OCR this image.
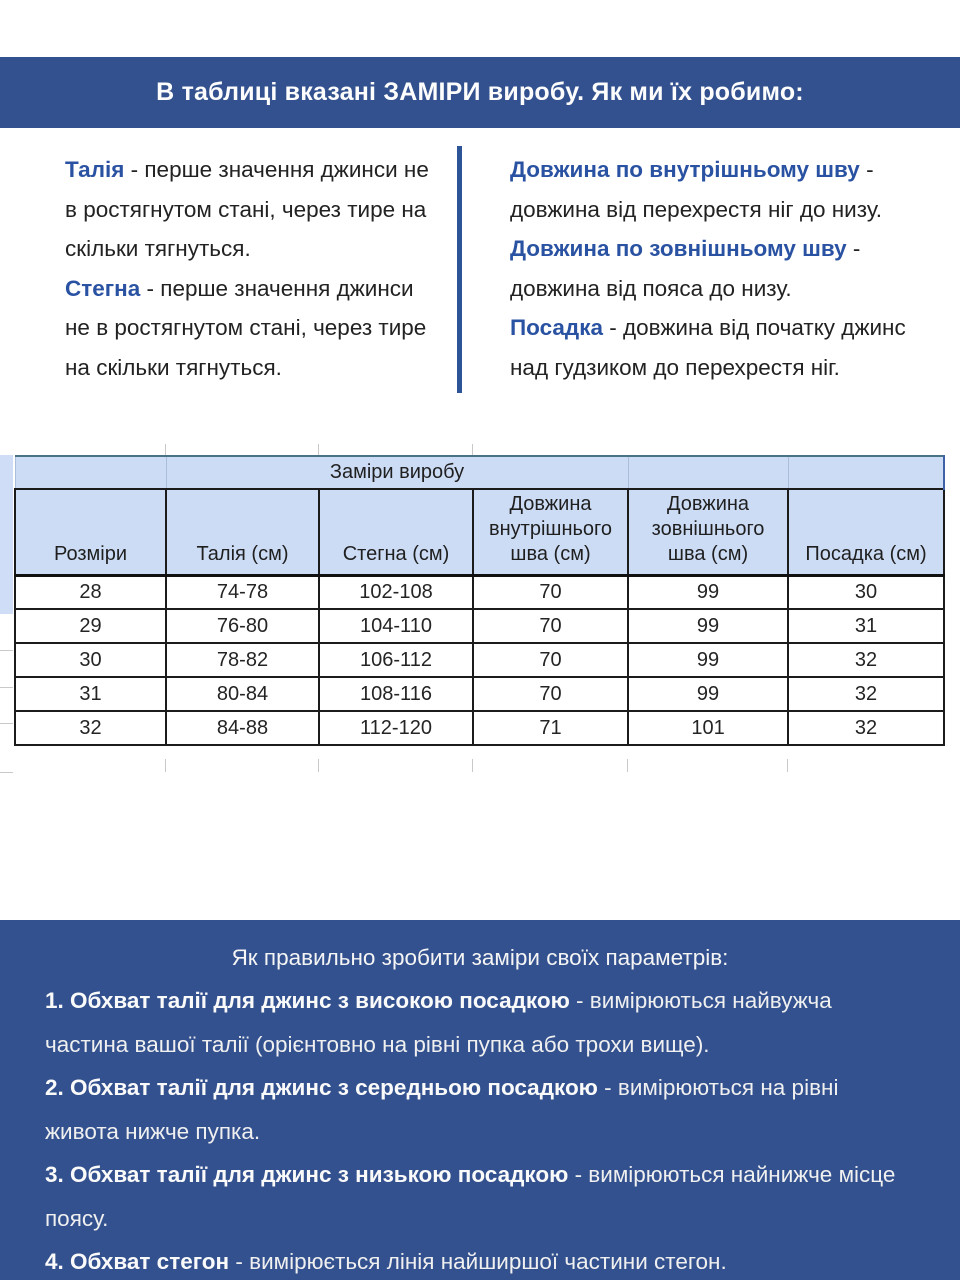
В таблиці вказані ЗАМІРИ виробу. Як ми їх робимо:

Талія - перше значення джинси не в ростягнутом стані, через тире на скільки тягнуться.

Стегна - перше значення джинси не в ростягнутом стані, через тире на скільки тягнуться.

Довжина по внутрішньому шву - довжина від перехрестя ніг до низу.

Довжина по зовнішньому шву - довжина від пояса до низу.

Посадка - довжина від початку джинс над гудзиком до перехрестя ніг.

	Заміри виробу				
Розміри	Талія (см)	Стегна (см)	Довжина внутрішнього шва (см)	Довжина зовнішнього шва (см)	Посадка (см)
28	74-78	102-108	70	99	30
29	76-80	104-110	70	99	31
30	78-82	106-112	70	99	32
31	80-84	108-116	70	99	32
32	84-88	112-120	71	101	32

Як правильно зробити заміри своїх параметрів:

1. Обхват талії для джинс з високою посадкою - вимірюються найвужча частина вашої талії (орієнтовно на рівні пупка або трохи вище).

2. Обхват талії для джинс з середньою посадкою - вимірюються на рівні живота нижче пупка.

3. Обхват талії для джинс з низькою посадкою - вимірюються найнижче місце поясу.

4. Обхват стегон - вимірюється лінія найширшої частини стегон.
